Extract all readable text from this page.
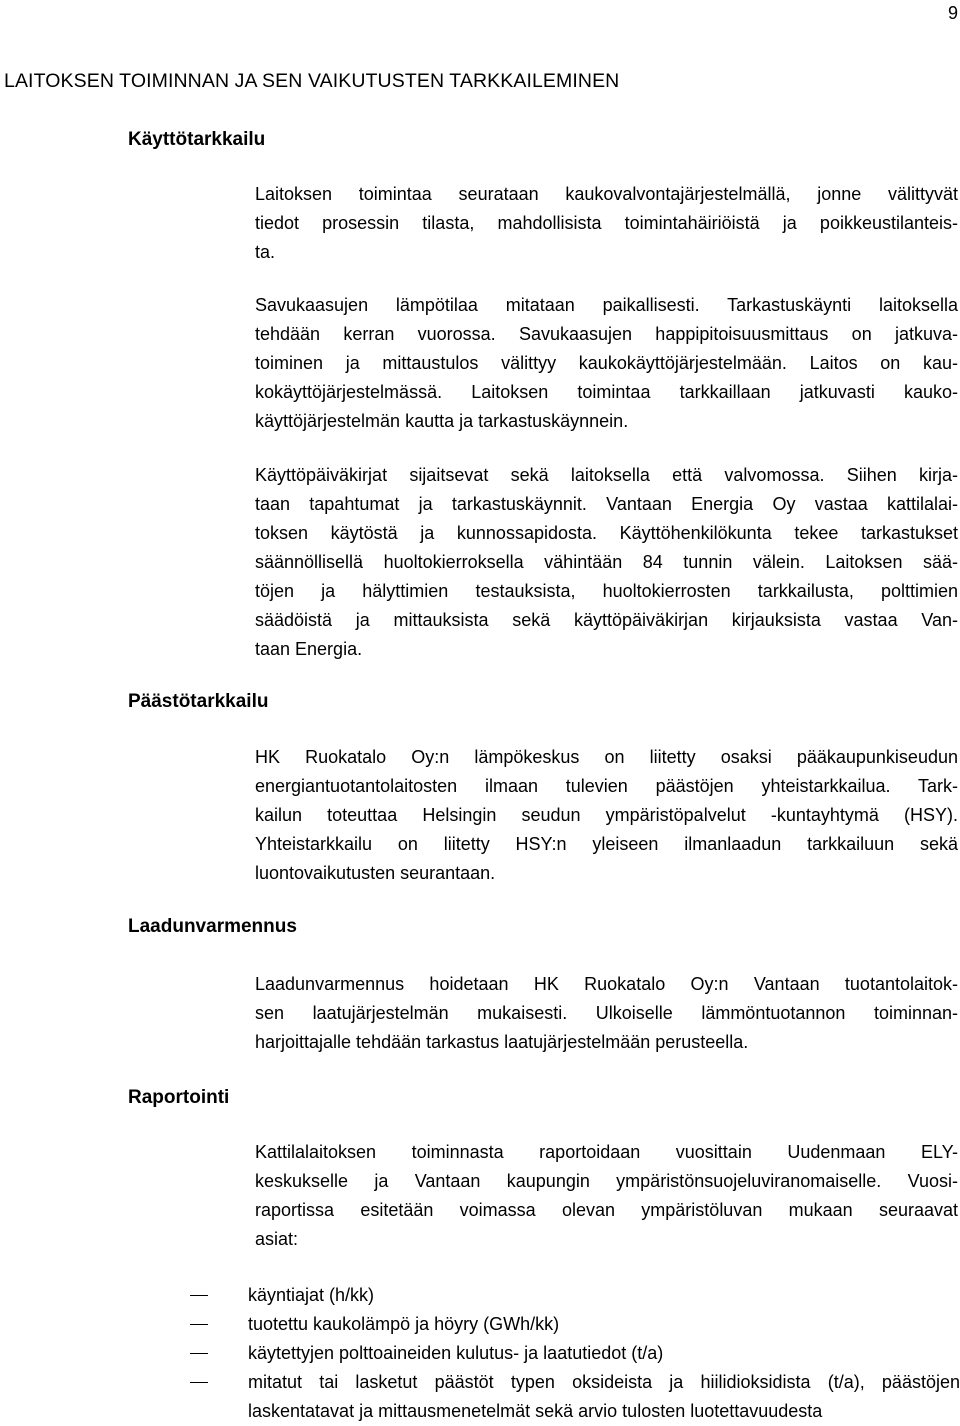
9
LAITOKSEN TOIMINNAN JA SEN VAIKUTUSTEN TARKKAILEMINEN
Käyttötarkkailu

Laitoksen toimintaa seurataan kaukovalvontajärjestelmällä, jonne välittyvät
tiedot prosessin tilasta, mahdollisista toimintahäiriöistä ja poikkeustilanteis-
ta.

Savukaasujen lämpötilaa mitataan paikallisesti. Tarkastuskäynti laitoksella
tehdään kerran vuorossa. Savukaasujen happipitoisuusmittaus on jatkuva-
toiminen ja mittaustulos välittyy kaukokäyttöjärjestelmään. Laitos on kau-
kokäyttöjärjestelmässä. Laitoksen toimintaa tarkkaillaan jatkuvasti kauko-
käyttöjärjestelmän kautta ja tarkastuskäynnein.

Käyttöpäiväkirjat sijaitsevat sekä laitoksella että valvomossa. Siihen kirja-
taan tapahtumat ja tarkastuskäynnit. Vantaan Energia Oy vastaa kattilalai-
toksen käytöstä ja kunnossapidosta. Käyttöhenkilökunta tekee tarkastukset
säännöllisellä huoltokierroksella vähintään 84 tunnin välein. Laitoksen sää-
töjen ja hälyttimien testauksista, huoltokierrosten tarkkailusta, polttimien
säädöistä ja mittauksista sekä käyttöpäiväkirjan kirjauksista vastaa Van-
taan Energia.

Päästötarkkailu

HK Ruokatalo Oy:n lämpökeskus on liitetty osaksi pääkaupunkiseudun
energiantuotantolaitosten ilmaan tulevien päästöjen yhteistarkkailua. Tark-
kailun toteuttaa Helsingin seudun ympäristöpalvelut -kuntayhtymä (HSY).
Yhteistarkkailu on liitetty HSY:n yleiseen ilmanlaadun tarkkailuun sekä
luontovaikutusten seurantaan.

Laadunvarmennus

Laadunvarmennus hoidetaan HK Ruokatalo Oy:n Vantaan tuotantolaitok-
sen laatujärjestelmän mukaisesti. Ulkoiselle lämmöntuotannon toiminnan-
harjoittajalle tehdään tarkastus laatujärjestelmään perusteella.

Raportointi

Kattilalaitoksen toiminnasta raportoidaan vuosittain Uudenmaan ELY-
keskukselle ja Vantaan kaupungin ympäristönsuojeluviranomaiselle. Vuosi-
raportissa esitetään voimassa olevan ympäristöluvan mukaan seuraavat
asiat:

käyntiajat (h/kk)
tuotettu kaukolämpö ja höyry (GWh/kk)
käytettyjen polttoaineiden kulutus- ja laatutiedot (t/a)
mitatut tai lasketut päästöt typen oksideista ja hiilidioksidista (t/a), päästöjen
laskentatavat ja mittausmenetelmät sekä arvio tulosten luotettavuudesta
